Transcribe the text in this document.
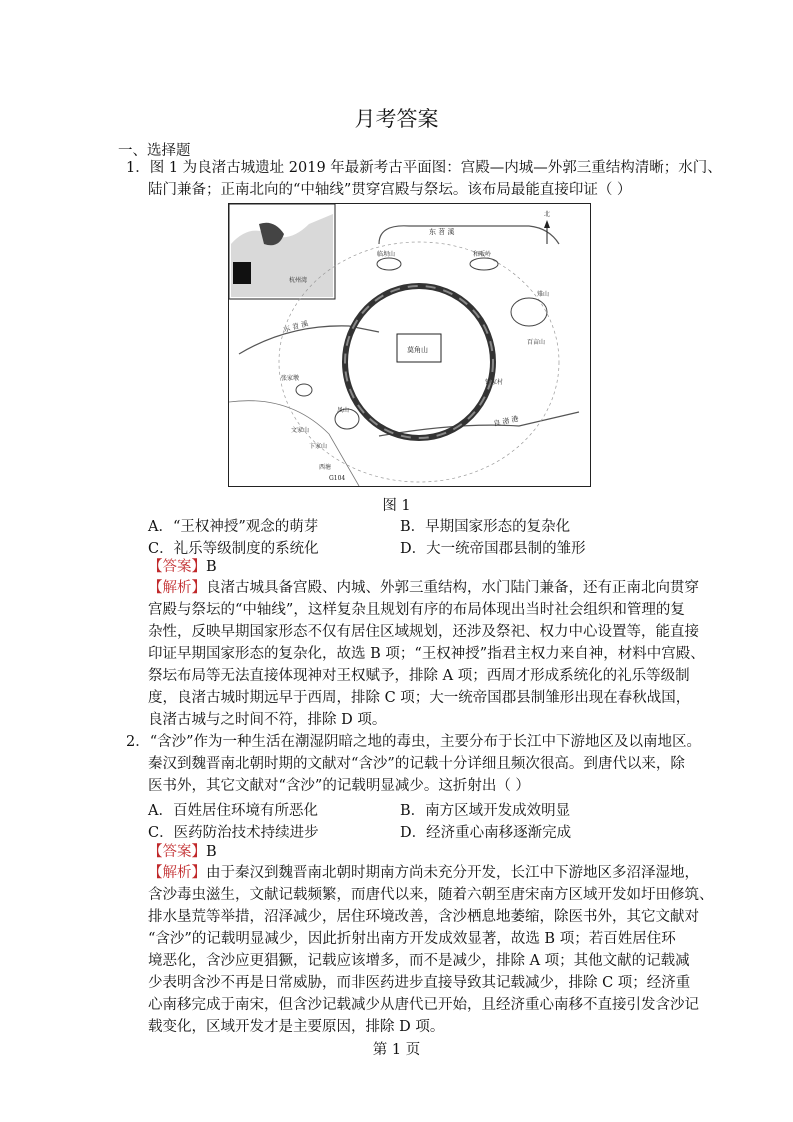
月考答案
一、选择题
1．图 1 为良渚古城遗址 2019 年最新考古平面图：宫殿—内城—外郭三重结构清晰；水门、
陆门兼备；正南北向的“中轴线”贯穿宫殿与祭坛。该布局最能直接印证（ ）
杭州湾
东 苕 溪
东 苕 溪
良 渚 港
莫角山
临坝山	和畈岭
雉山
百亩山
张家墩
文家山
卞家山
凤山
钟家村
西塘
G104
北
图 1
A．“王权神授”观念的萌芽	B．早期国家形态的复杂化
C．礼乐等级制度的系统化	D．大一统帝国郡县制的雏形
【答案】B
【解析】良渚古城具备宫殿、内城、外郭三重结构，水门陆门兼备，还有正南北向贯穿
宫殿与祭坛的“中轴线”，这样复杂且规划有序的布局体现出当时社会组织和管理的复
杂性，反映早期国家形态不仅有居住区域规划，还涉及祭祀、权力中心设置等，能直接
印证早期国家形态的复杂化，故选 B 项；“王权神授”指君主权力来自神，材料中宫殿、
祭坛布局等无法直接体现神对王权赋予，排除 A 项；西周才形成系统化的礼乐等级制
度，良渚古城时期远早于西周，排除 C 项；大一统帝国郡县制雏形出现在春秋战国，
良渚古城与之时间不符，排除 D 项。
2．“含沙”作为一种生活在潮湿阴暗之地的毒虫，主要分布于长江中下游地区及以南地区。
秦汉到魏晋南北朝时期的文献对“含沙”的记载十分详细且频次很高。到唐代以来，除
医书外，其它文献对“含沙”的记载明显减少。这折射出（ ）
A．百姓居住环境有所恶化	B．南方区域开发成效明显
C．医药防治技术持续进步	D．经济重心南移逐渐完成
【答案】B
【解析】由于秦汉到魏晋南北朝时期南方尚未充分开发，长江中下游地区多沼泽湿地，
含沙毒虫滋生，文献记载频繁，而唐代以来，随着六朝至唐宋南方区域开发如圩田修筑、
排水垦荒等举措，沼泽减少，居住环境改善，含沙栖息地萎缩，除医书外，其它文献对
“含沙”的记载明显减少，因此折射出南方开发成效显著，故选 B 项；若百姓居住环
境恶化，含沙应更猖獗，记载应该增多，而不是减少，排除 A 项；其他文献的记载减
少表明含沙不再是日常威胁，而非医药进步直接导致其记载减少，排除 C 项；经济重
心南移完成于南宋，但含沙记载减少从唐代已开始，且经济重心南移不直接引发含沙记
载变化，区域开发才是主要原因，排除 D 项。
第 1 页
